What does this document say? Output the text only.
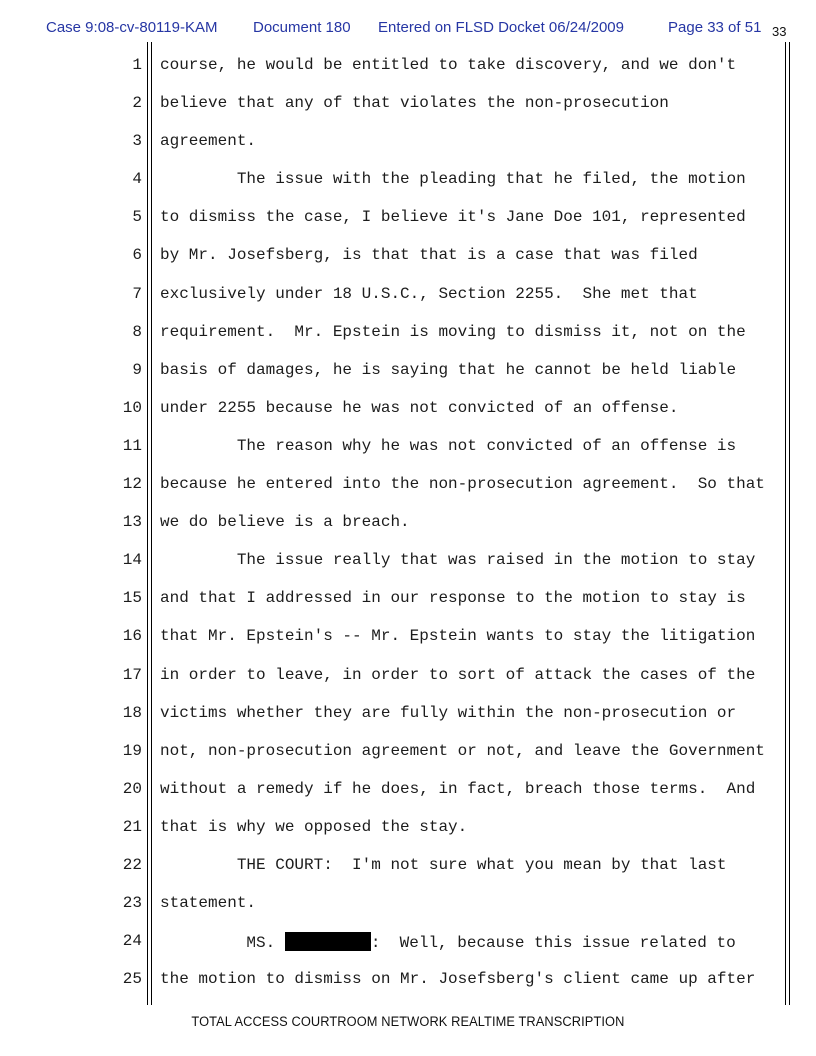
Case 9:08-cv-80119-KAM Document 180 Entered on FLSD Docket 06/24/2009	Page 33 of 51 33
1	course, he would be entitled to take discovery, and we don't
2	believe that any of that violates the non-prosecution
3	agreement.
4	The issue with the pleading that he filed, the motion
5	to dismiss the case, I believe it's Jane Doe 101, represented
6	by Mr. Josefsberg, is that that is a case that was filed
7	exclusively under 18 U.S.C., Section 2255.  She met that
8	requirement.  Mr. Epstein is moving to dismiss it, not on the
9	basis of damages, he is saying that he cannot be held liable
10	under 2255 because he was not convicted of an offense.
11	The reason why he was not convicted of an offense is
12	because he entered into the non-prosecution agreement.  So that
13	we do believe is a breach.
14	The issue really that was raised in the motion to stay
15	and that I addressed in our response to the motion to stay is
16	that Mr. Epstein's -- Mr. Epstein wants to stay the litigation
17	in order to leave, in order to sort of attack the cases of the
18	victims whether they are fully within the non-prosecution or
19	not, non-prosecution agreement or not, and leave the Government
20	without a remedy if he does, in fact, breach those terms.  And
21	that is why we opposed the stay.
22	THE COURT:  I'm not sure what you mean by that last
23	statement.
24	MS.	:  Well, because this issue related to
25	the motion to dismiss on Mr. Josefsberg's client came up after
TOTAL ACCESS COURTROOM NETWORK REALTIME TRANSCRIPTION
